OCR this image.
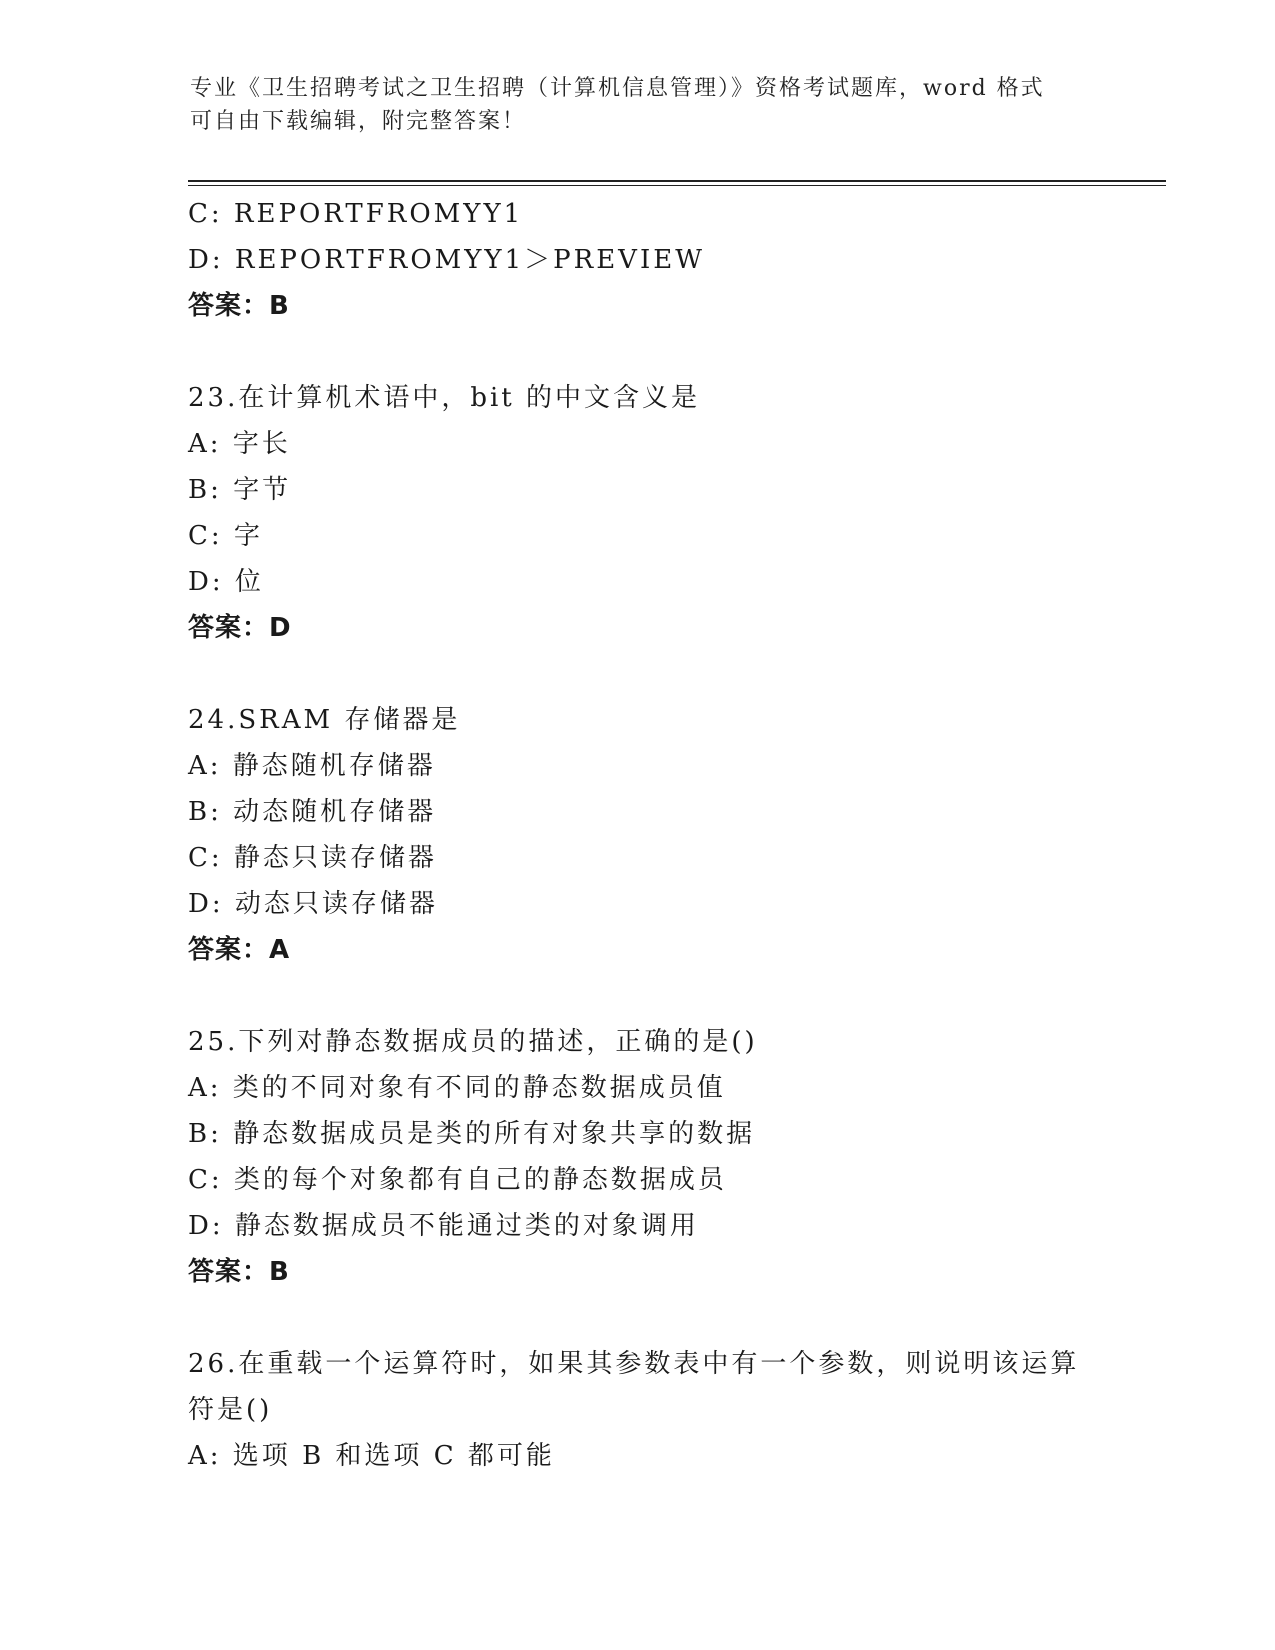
专业《卫生招聘考试之卫生招聘（计算机信息管理）》资格考试题库，word 格式
可自由下载编辑，附完整答案！
C: REPORTFROMYY1
D: REPORTFROMYY1＞PREVIEW
答案：B
23.在计算机术语中，bit 的中文含义是
A: 字长
B: 字节
C: 字
D: 位
答案：D
24.SRAM 存储器是
A: 静态随机存储器
B: 动态随机存储器
C: 静态只读存储器
D: 动态只读存储器
答案：A
25.下列对静态数据成员的描述，正确的是()
A: 类的不同对象有不同的静态数据成员值
B: 静态数据成员是类的所有对象共享的数据
C: 类的每个对象都有自己的静态数据成员
D: 静态数据成员不能通过类的对象调用
答案：B
26.在重载一个运算符时，如果其参数表中有一个参数，则说明该运算
符是()
A: 选项 B 和选项 C 都可能
